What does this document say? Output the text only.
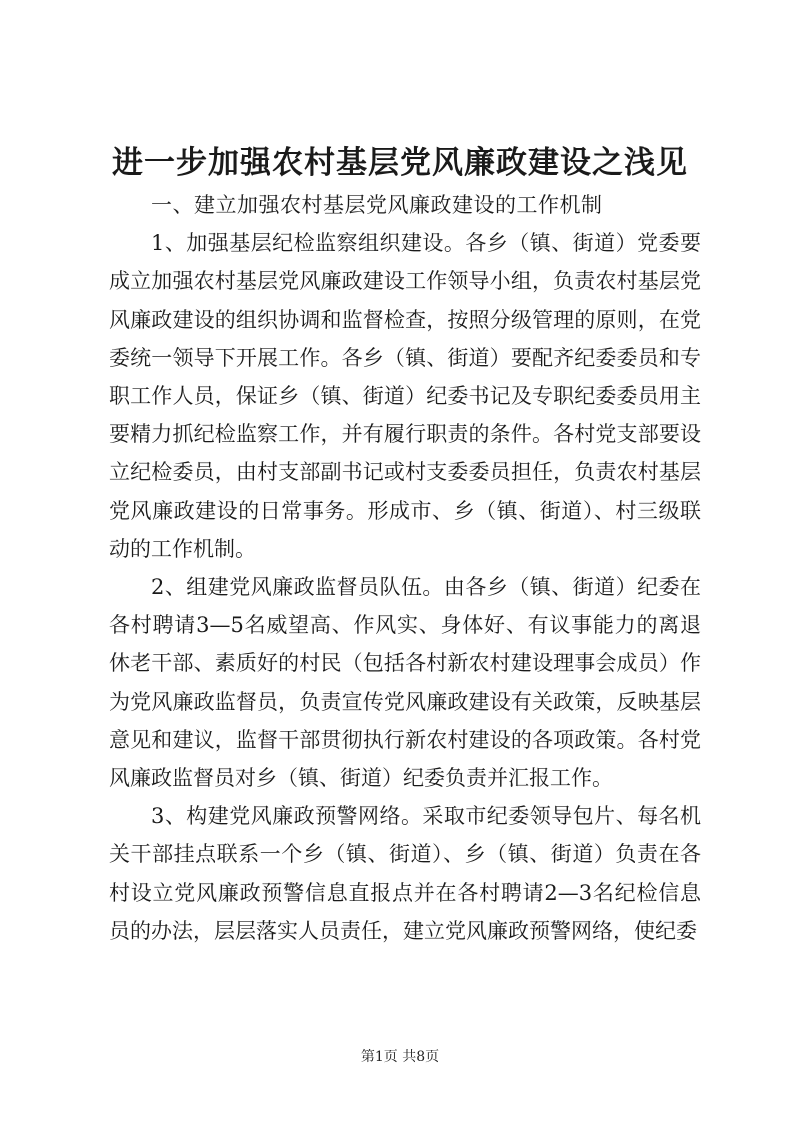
进一步加强农村基层党风廉政建设之浅见

一、建立加强农村基层党风廉政建设的工作机制

1、加强基层纪检监察组织建设。各乡（镇、街道）党委要成立加强农村基层党风廉政建设工作领导小组，负责农村基层党风廉政建设的组织协调和监督检查，按照分级管理的原则，在党委统一领导下开展工作。各乡（镇、街道）要配齐纪委委员和专职工作人员，保证乡（镇、街道）纪委书记及专职纪委委员用主要精力抓纪检监察工作，并有履行职责的条件。各村党支部要设立纪检委员，由村支部副书记或村支委委员担任，负责农村基层党风廉政建设的日常事务。形成市、乡（镇、街道）、村三级联动的工作机制。

2、组建党风廉政监督员队伍。由各乡（镇、街道）纪委在各村聘请3—5名威望高、作风实、身体好、有议事能力的离退休老干部、素质好的村民（包括各村新农村建设理事会成员）作为党风廉政监督员，负责宣传党风廉政建设有关政策，反映基层意见和建议，监督干部贯彻执行新农村建设的各项政策。各村党风廉政监督员对乡（镇、街道）纪委负责并汇报工作。

3、构建党风廉政预警网络。采取市纪委领导包片、每名机关干部挂点联系一个乡（镇、街道）、乡（镇、街道）负责在各村设立党风廉政预警信息直报点并在各村聘请2—3名纪检信息员的办法，层层落实人员责任，建立党风廉政预警网络，使纪委

第1页 共8页
